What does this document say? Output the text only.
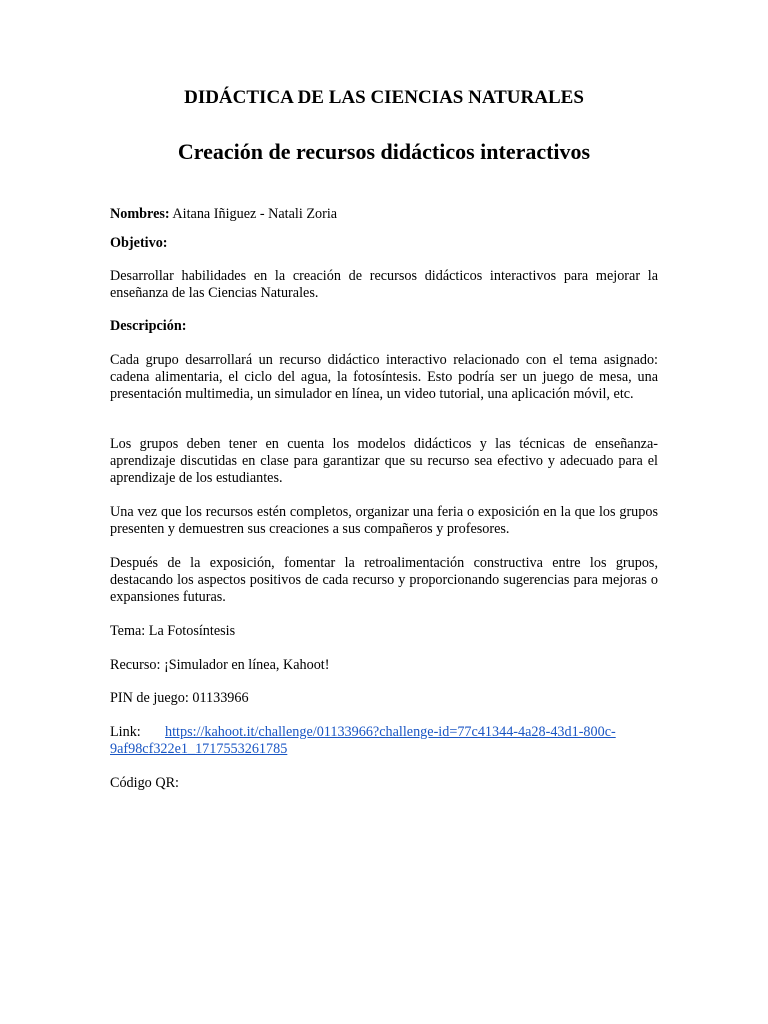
DIDÁCTICA DE LAS CIENCIAS NATURALES
Creación de recursos didácticos interactivos

Nombres: Aitana Iñiguez - Natali Zoria

Objetivo:

Desarrollar habilidades en la creación de recursos didácticos interactivos para mejorar la enseñanza de las Ciencias Naturales.

Descripción:

Cada grupo desarrollará un recurso didáctico interactivo relacionado con el tema asignado: cadena alimentaria, el ciclo del agua, la fotosíntesis. Esto podría ser un juego de mesa, una presentación multimedia, un simulador en línea, un video tutorial, una aplicación móvil, etc.

Los grupos deben tener en cuenta los modelos didácticos y las técnicas de enseñanza-aprendizaje discutidas en clase para garantizar que su recurso sea efectivo y adecuado para el aprendizaje de los estudiantes.

Una vez que los recursos estén completos, organizar una feria o exposición en la que los grupos presenten y demuestren sus creaciones a sus compañeros y profesores.

Después de la exposición, fomentar la retroalimentación constructiva entre los grupos, destacando los aspectos positivos de cada recurso y proporcionando sugerencias para mejoras o expansiones futuras.

Tema: La Fotosíntesis

Recurso: ¡Simulador en línea, Kahoot!

PIN de juego: 01133966

Link: https://kahoot.it/challenge/01133966?challenge-id=77c41344-4a28-43d1-800c-9af98cf322e1_1717553261785

Código QR:
